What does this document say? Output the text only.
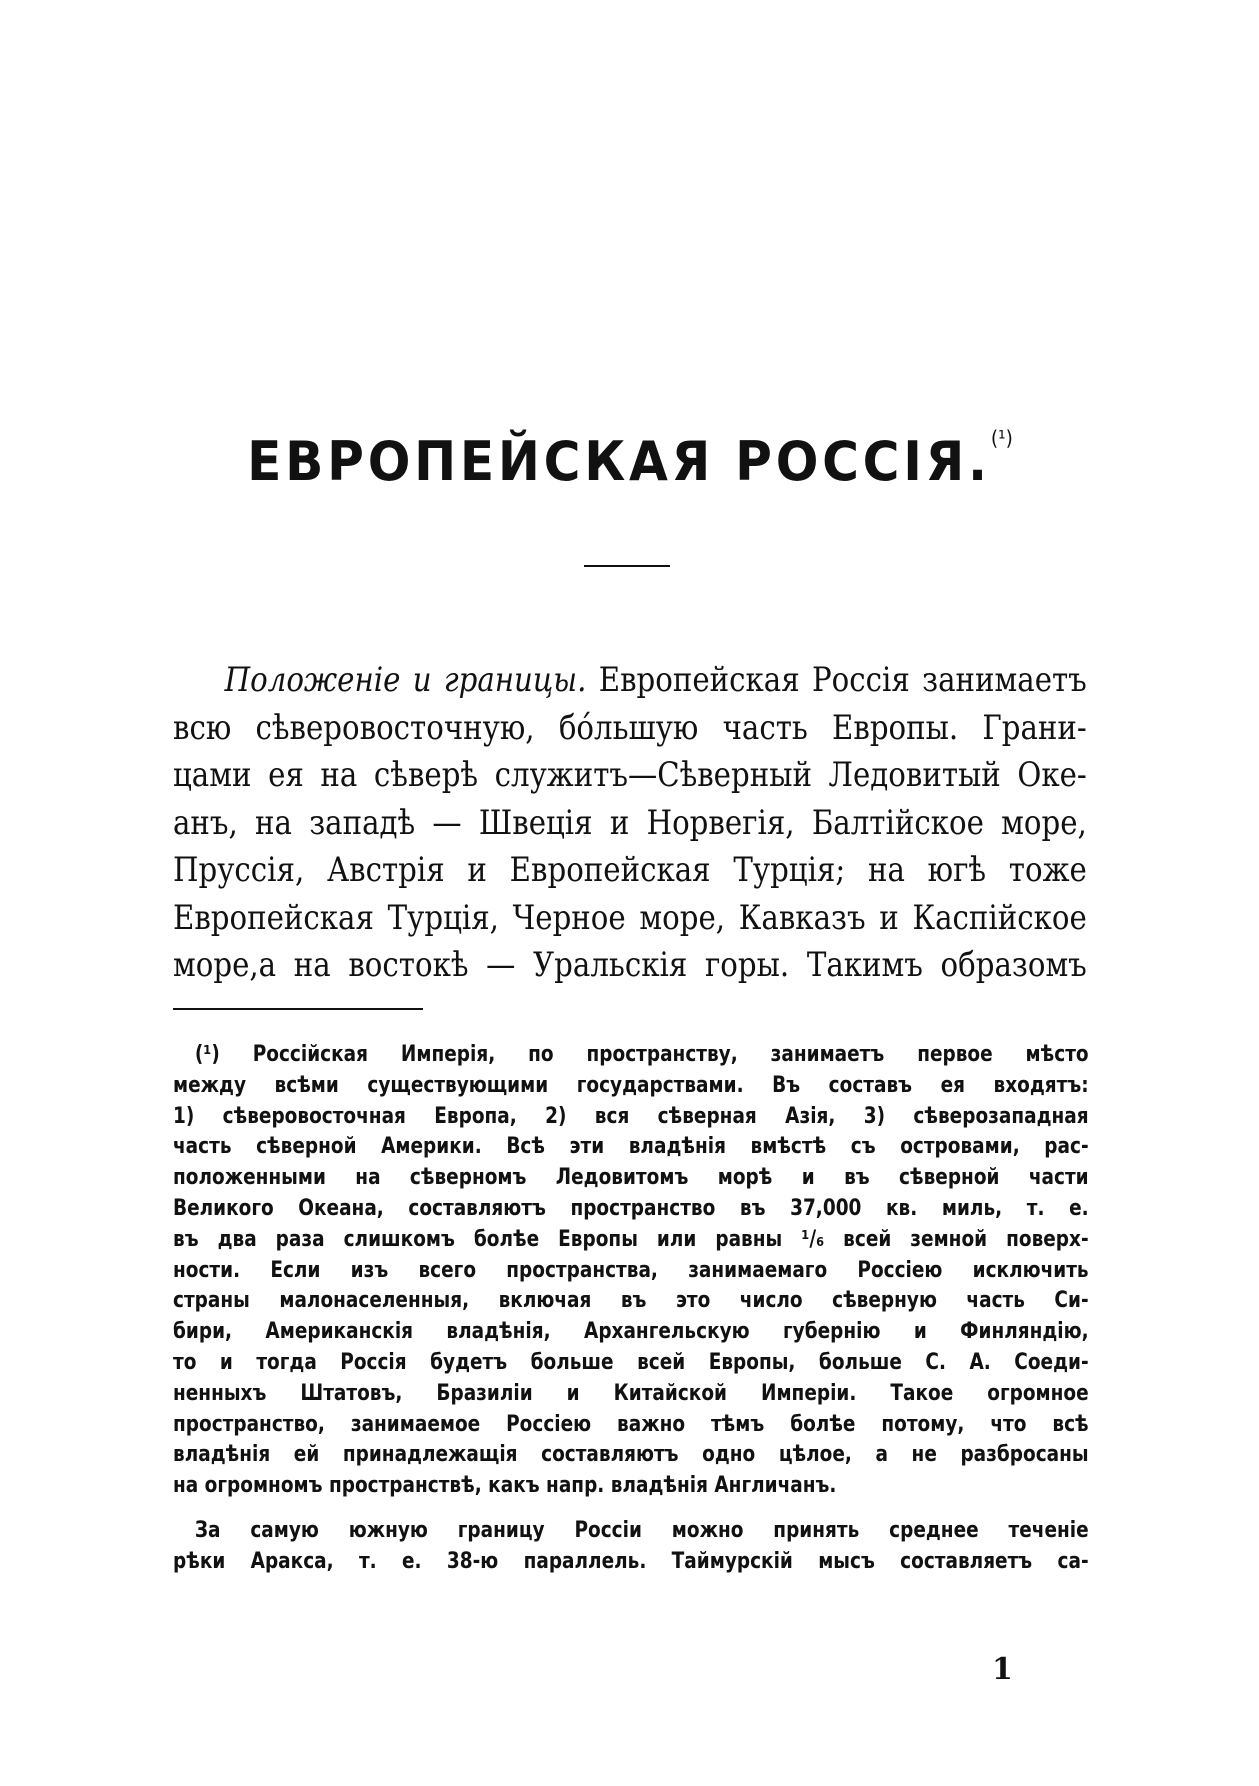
ЕВРОПЕЙСКАЯ РОССІЯ.$^{(^1)}$
Положеніе и границы. Европейская Россія занимаетъ
всю сѣверовосточную, бо́льшую часть Европы. Грани-
цами ея на сѣверѣ служитъ—Сѣверный Ледовитый Оке-
анъ, на западѣ — Швеція и Норвегія, Балтійское море,
Пруссія, Австрія и Европейская Турція; на югѣ тоже
Европейская Турція, Черное море, Кавказъ и Каспійское
море,а на востокѣ — Уральскія горы. Такимъ образомъ
(¹) Россійская Имперія, по пространству, занимаетъ первое мѣсто
между всѣми существующими государствами. Въ составъ ея входятъ:
1) сѣверовосточная Европа, 2) вся сѣверная Азія, 3) сѣверозападная
часть сѣверной Америки. Всѣ эти владѣнія вмѣстѣ съ островами, рас-
положенными на сѣверномъ Ледовитомъ морѣ и въ сѣверной части
Великого Океана, составляютъ пространство въ 37,000 кв. миль, т. е.
въ два раза слишкомъ болѣе Европы или равны ¹/₆ всей земной поверх-
ности. Если изъ всего пространства, занимаемаго Россіею исключить
страны малонаселенныя, включая въ это число сѣверную часть Си-
бири, Американскія владѣнія, Архангельскую губернію и Финляндію,
то и тогда Россія будетъ больше всей Европы, больше С. А. Соеди-
ненныхъ Штатовъ, Бразиліи и Китайской Имперіи. Такое огромное
пространство, занимаемое Россіею важно тѣмъ болѣе потому, что всѣ
владѣнія ей принадлежащія составляютъ одно цѣлое, а не разбросаны
на огромномъ пространствѣ, какъ напр. владѣнія Англичанъ.
За самую южную границу Россіи можно принять среднее теченіе
рѣки Аракса, т. е. 38-ю параллель. Таймурскій мысъ составляетъ са-
1
